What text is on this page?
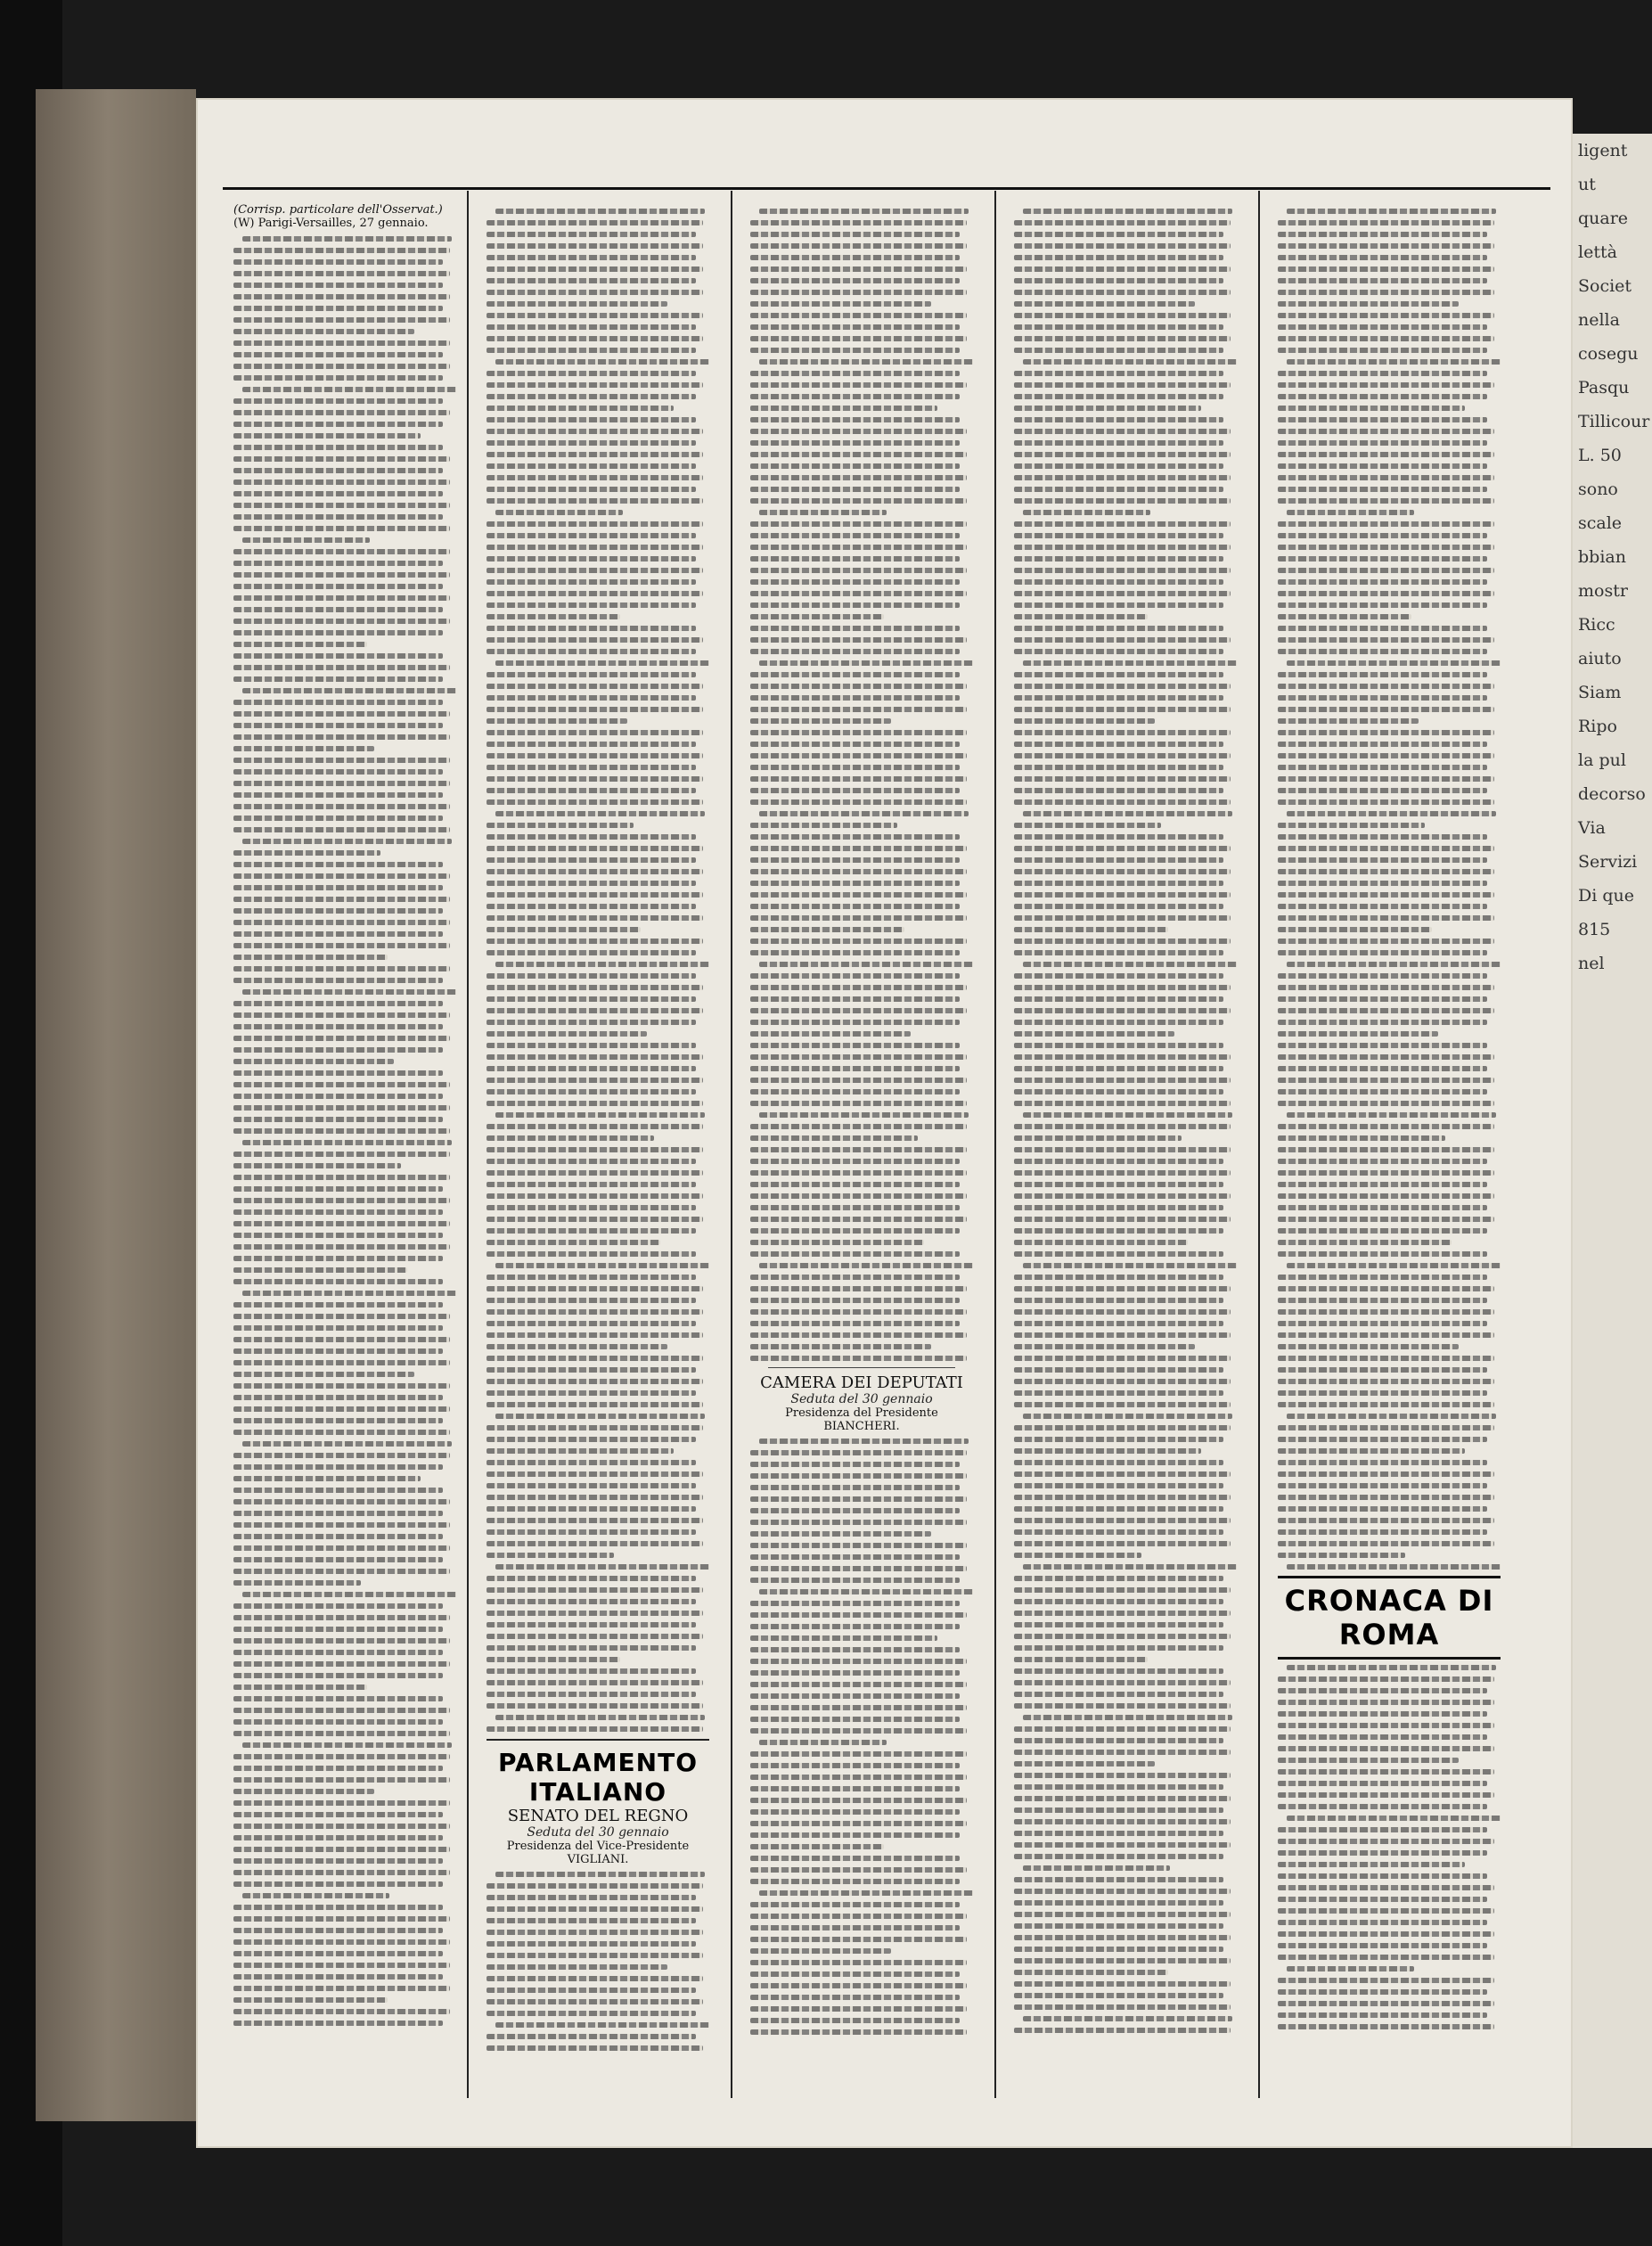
(Corrisp. particolare dell'Osservat.)

(W) Parigi-Versailles, 27 gennaio.

PARLAMENTO ITALIANO

SENATO DEL REGNO

Seduta del 30 gennaio

Presidenza del Vice-Presidente VIGLIANI.

CAMERA DEI DEPUTATI

Seduta del 30 gennaio

Presidenza del Presidente BIANCHERI.

CRONACA DI ROMA

ligent
ut
quare
lettà
Societ
nella
cosegu
Pasqu
Tillicour
L. 50
sono
scale
bbian
mostr
Ricc
aiuto
Siam
Ripo
la pul
decorso
Via
Servizi
Di que
815
nel
